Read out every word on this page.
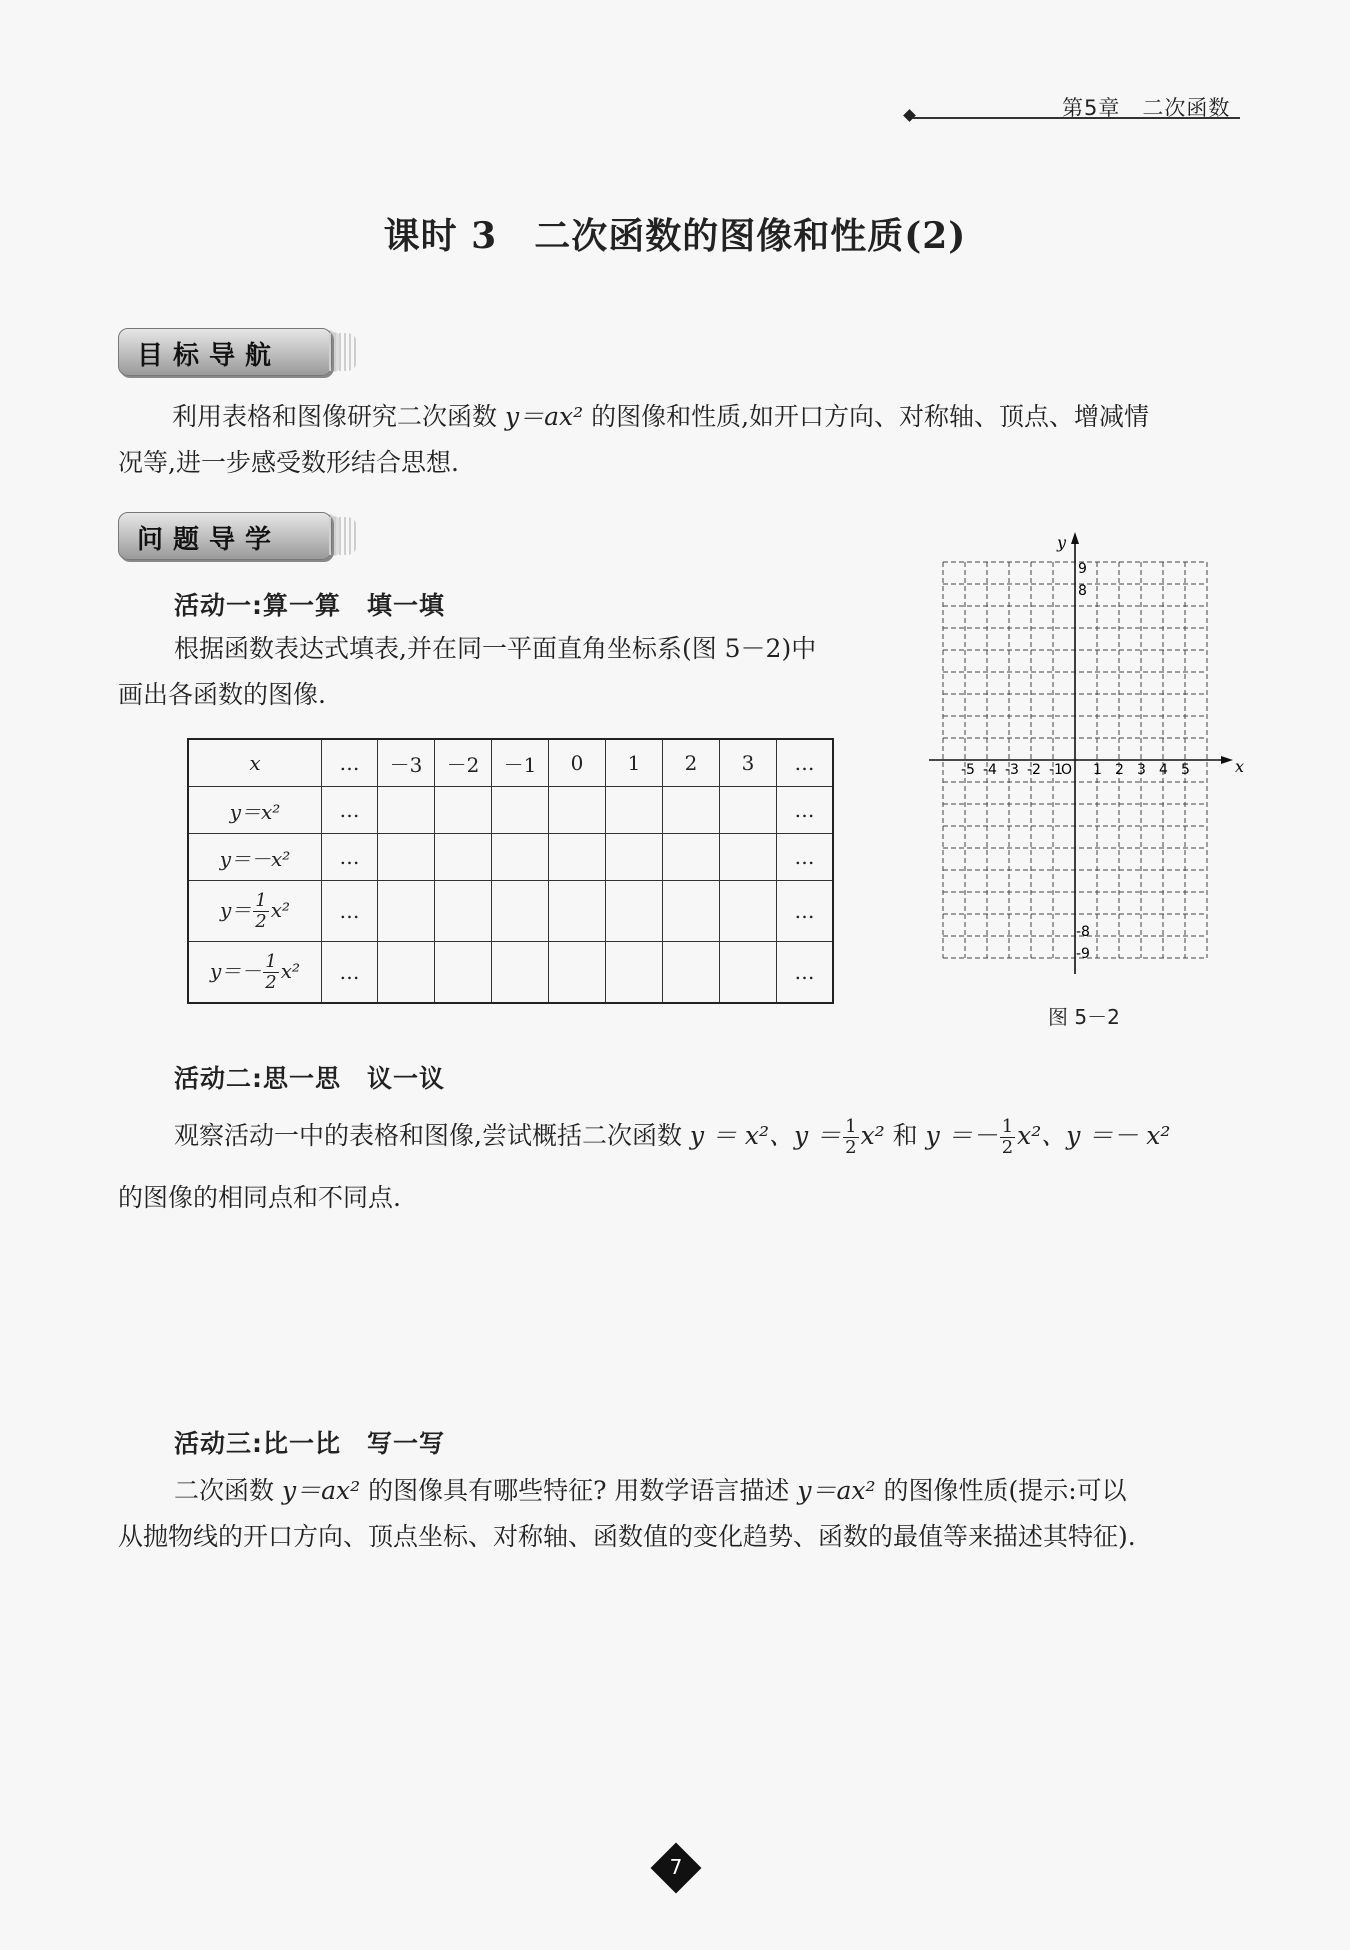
第5章　二次函数
课时 3　二次函数的图像和性质(2)
目标导航
利用表格和图像研究二次函数 y＝ax² 的图像和性质,如开口方向、对称轴、顶点、增减情
况等,进一步感受数形结合思想.
问题导学
活动一:算一算　填一填
根据函数表达式填表,并在同一平面直角坐标系(图 5－2)中
画出各函数的图像.
x	…	－3	－2	－1	0	1	2	3	…
y＝x²	…								…
y＝－x²	…								…
$y= \frac{1}{2} x^2$	…								…
$y=- \frac{1}{2} x^2$	…								…
x
y
-5 -4 -3 -2 -1
O 1 2 3 4 5
9
8
-8
-9
图 5－2
活动二:思一思　议一议
观察活动一中的表格和图像,尝试概括二次函数 y ＝ x²、$y = \frac{1}{2} x^2$ 和 $y =- \frac{1}{2} x^2$、y ＝－ x²
的图像的相同点和不同点.
活动三:比一比　写一写
二次函数 y＝ax² 的图像具有哪些特征? 用数学语言描述 y＝ax² 的图像性质(提示:可以
从抛物线的开口方向、顶点坐标、对称轴、函数值的变化趋势、函数的最值等来描述其特征).
7
